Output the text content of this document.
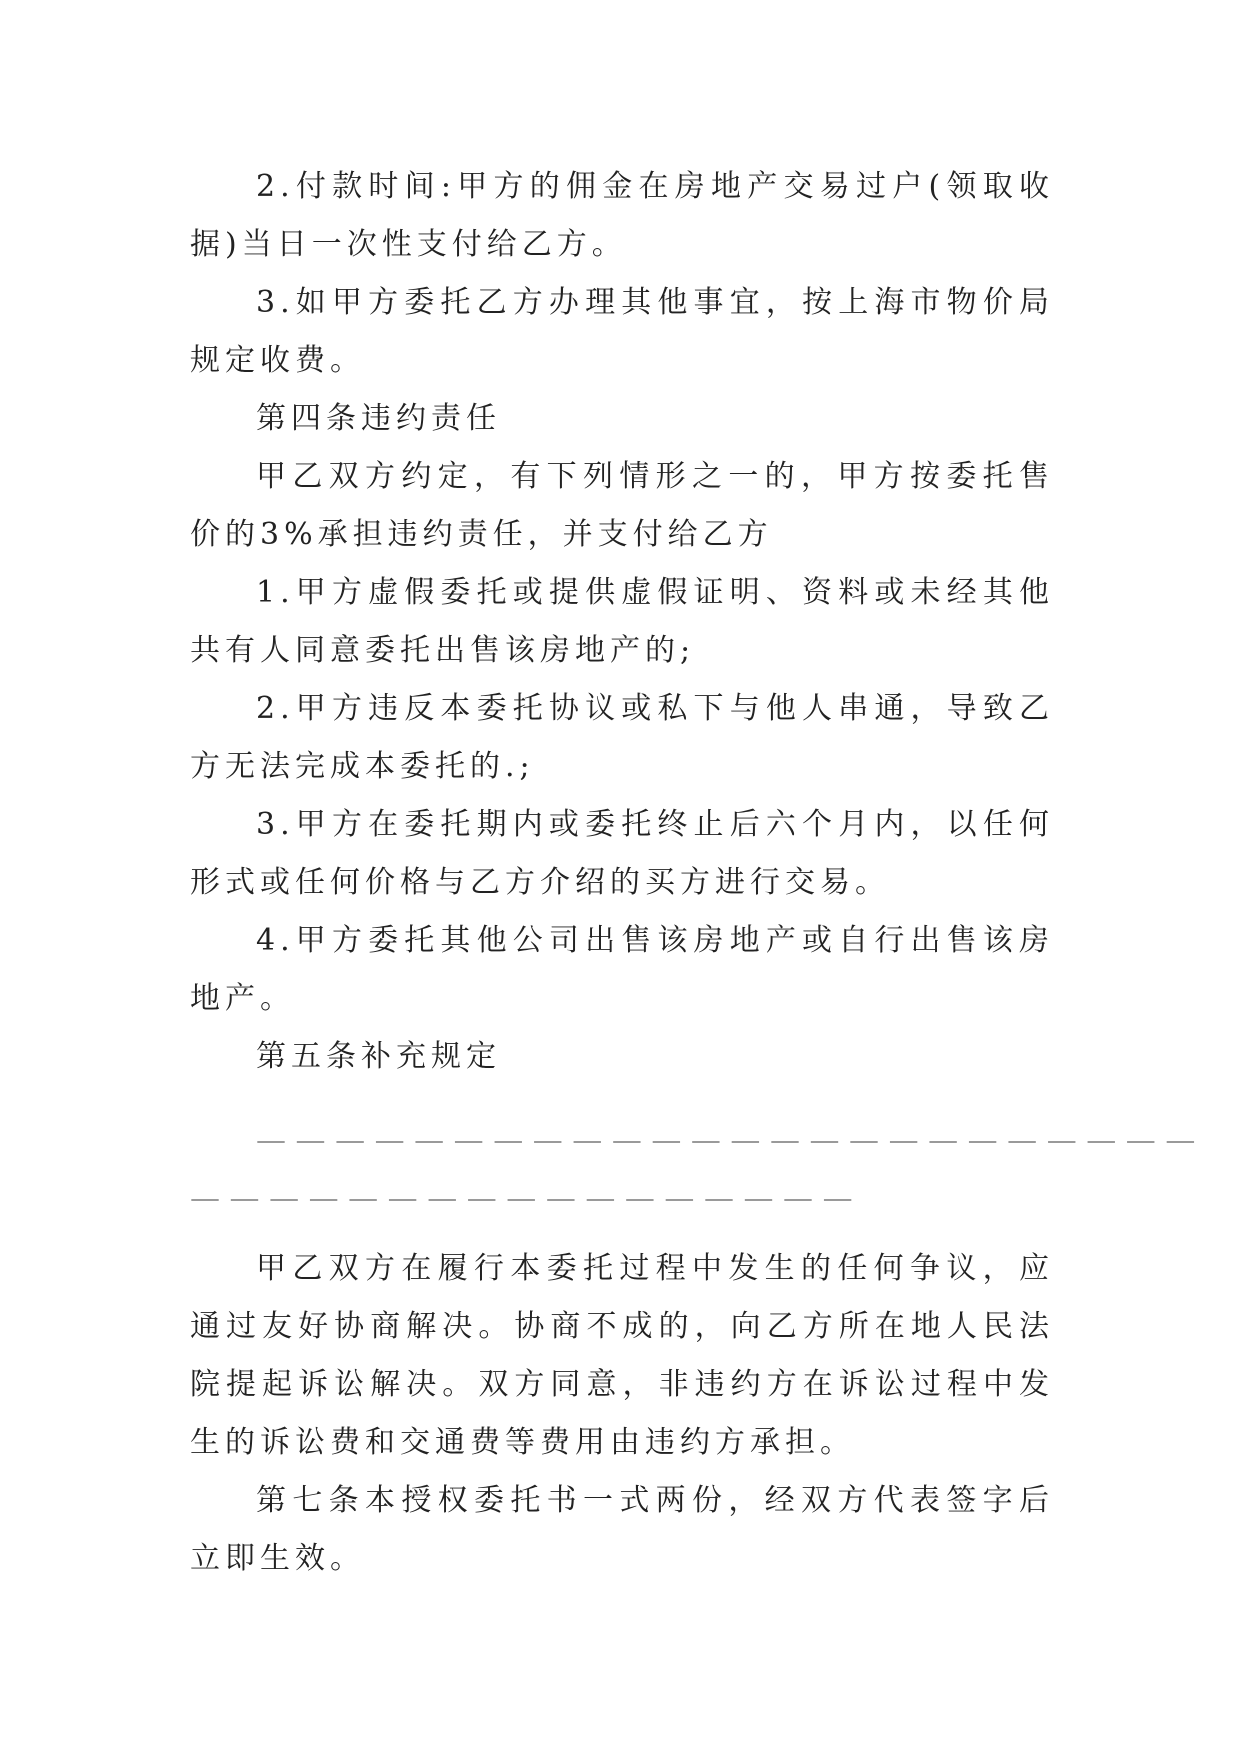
2.付款时间:甲方的佣金在房地产交易过户(领取收据)当日一次性支付给乙方。

3.如甲方委托乙方办理其他事宜，按上海市物价局规定收费。

第四条违约责任

甲乙双方约定，有下列情形之一的，甲方按委托售价的3%承担违约责任，并支付给乙方

1.甲方虚假委托或提供虚假证明、资料或未经其他共有人同意委托出售该房地产的;

2.甲方违反本委托协议或私下与他人串通，导致乙方无法完成本委托的.;

3.甲方在委托期内或委托终止后六个月内，以任何形式或任何价格与乙方介绍的买方进行交易。

4.甲方委托其他公司出售该房地产或自行出售该房地产。

第五条补充规定

— — — — — — — — — — — — — — — — — — — — — — — —

— — — — — — — — — — — — — — — — —

甲乙双方在履行本委托过程中发生的任何争议，应通过友好协商解决。协商不成的，向乙方所在地人民法院提起诉讼解决。双方同意，非违约方在诉讼过程中发生的诉讼费和交通费等费用由违约方承担。

第七条本授权委托书一式两份，经双方代表签字后立即生效。
